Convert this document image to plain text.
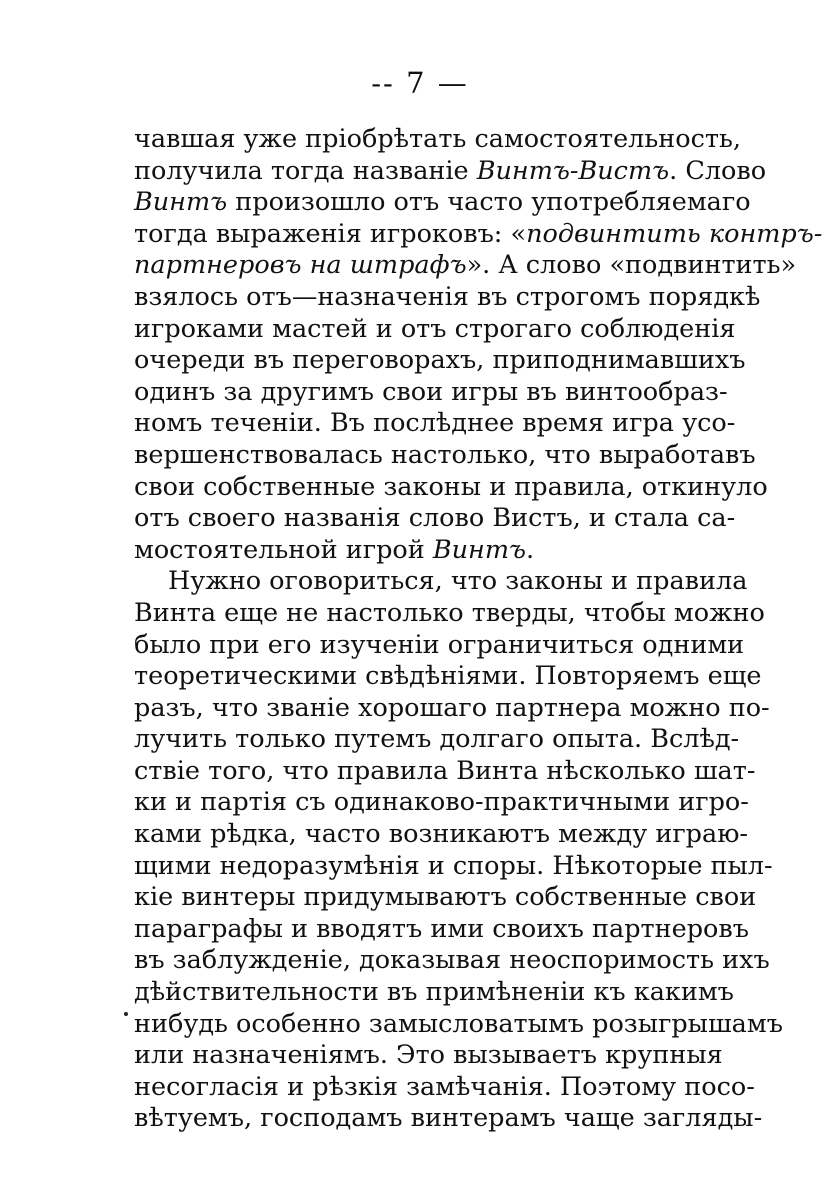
-- 7 —
чавшая уже пріобрѣтать самостоятельность,
получила тогда названіе Винтъ-Вистъ. Слово
Винтъ произошло отъ часто употребляемаго
тогда выраженія игроковъ: «подвинтить контръ-
партнеровъ на штрафъ». А слово «подвинтить»
взялось отъ—назначенія въ строгомъ порядкѣ
игроками мастей и отъ строгаго соблюденія
очереди въ переговорахъ, приподнимавшихъ
одинъ за другимъ свои игры въ винтообраз-
номъ теченіи. Въ послѣднее время игра усо-
вершенствовалась настолько, что выработавъ
свои собственные законы и правила, откинуло
отъ своего названія слово Вистъ, и стала са-
мостоятельной игрой Винтъ.
Нужно оговориться, что законы и правила
Винта еще не настолько тверды, чтобы можно
было при его изученіи ограничиться одними
теоретическими свѣдѣніями. Повторяемъ еще
разъ, что званіе хорошаго партнера можно по-
лучить только путемъ долгаго опыта. Вслѣд-
ствіе того, что правила Винта нѣсколько шат-
ки и партія съ одинаково-практичными игро-
ками рѣдка, часто возникаютъ между играю-
щими недоразумѣнія и споры. Нѣкоторые пыл-
кіе винтеры придумываютъ собственные свои
параграфы и вводятъ ими своихъ партнеровъ
въ заблужденіе, доказывая неоспоримость ихъ
дѣйствительности въ примѣненіи къ какимъ
нибудь особенно замысловатымъ розыгрышамъ
или назначеніямъ. Это вызываетъ крупныя
несогласія и рѣзкія замѣчанія. Поэтому посо-
вѣтуемъ, господамъ винтерамъ чаще загляды-
